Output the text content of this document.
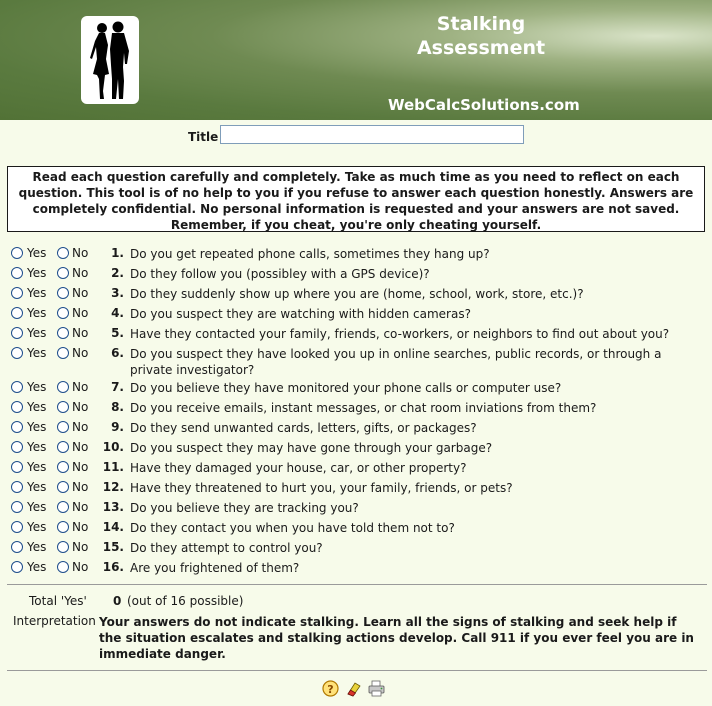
Stalking
Assessment
WebCalcSolutions.com
Title
Read each question carefully and completely. Take as much time as you need to reflect on each question. This tool is of no help to you if you refuse to answer each question honestly. Answers are completely confidential. No personal information is requested and your answers are not saved. Remember, if you cheat, you're only cheating yourself.
Yes No	1. Do you get repeated phone calls, sometimes they hang up?
Yes No	2. Do they follow you (possibley with a GPS device)?
Yes No	3. Do they suddenly show up where you are (home, school, work, store, etc.)?
Yes No	4. Do you suspect they are watching with hidden cameras?
Yes No	5. Have they contacted your family, friends, co-workers, or neighbors to find out about you?
Yes No	6. Do you suspect they have looked you up in online searches, public records, or through a private investigator?
Yes No	7. Do you believe they have monitored your phone calls or computer use?
Yes No	8. Do you receive emails, instant messages, or chat room inviations from them?
Yes No	9. Do they send unwanted cards, letters, gifts, or packages?
Yes No 10. Do you suspect they may have gone through your garbage?
Yes No 11. Have they damaged your house, car, or other property?
Yes No 12. Have they threatened to hurt you, your family, friends, or pets?
Yes No 13. Do you believe they are tracking you?
Yes No 14. Do they contact you when you have told them not to?
Yes No 15. Do they attempt to control you?
Yes No 16. Are you frightened of them?
Total 'Yes' 0 (out of 16 possible)
Interpretation Your answers do not indicate stalking. Learn all the signs of stalking and seek help if the situation escalates and stalking actions develop. Call 911 if you ever feel you are in immediate danger.
?
